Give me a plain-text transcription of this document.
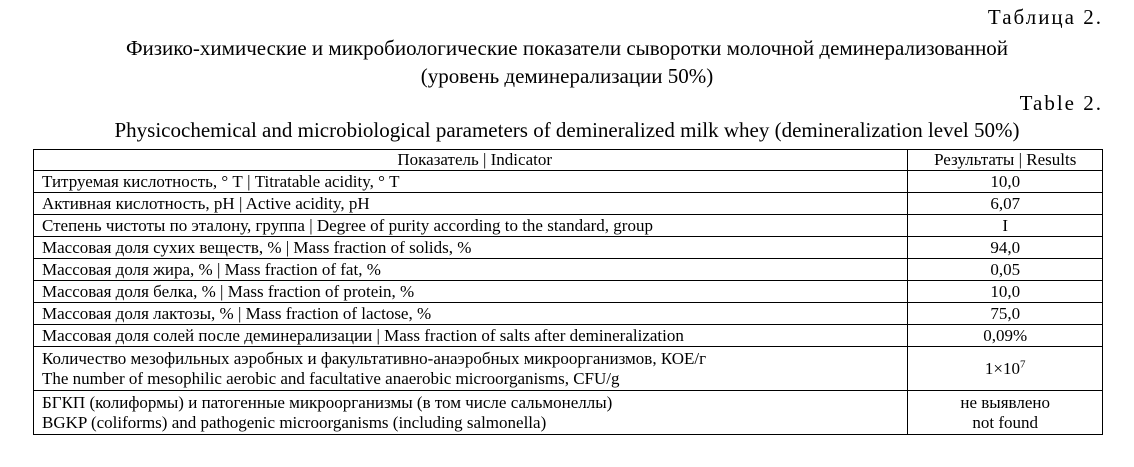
Таблица 2.
Физико-химические и микробиологические показатели сыворотки молочной деминерализованной
(уровень деминерализации 50%)
Table 2.
Physicochemical and microbiological parameters of demineralized milk whey (demineralization level 50%)
Показатель | Indicator	Результаты | Results
Титруемая кислотность, ° Т | Titratable acidity, ° Т	10,0
Активная кислотность, pH | Active acidity, pH	6,07
Степень чистоты по эталону, группа | Degree of purity according to the standard, group	I
Массовая доля сухих веществ, % | Mass fraction of solids, %	94,0
Массовая доля жира, % | Mass fraction of fat, %	0,05
Массовая доля белка, % | Mass fraction of protein, %	10,0
Массовая доля лактозы, % | Mass fraction of lactose, %	75,0
Массовая доля солей после деминерализации | Mass fraction of salts after demineralization	0,09%

Количество мезофильных аэробных и факультативно-анаэробных микроорганизмов, КОЕ/г
The number of mesophilic aerobic and facultative anaerobic microorganisms, CFU/g	$1\times 10^7$

БГКП (колиформы) и патогенные микроорганизмы (в том числе сальмонеллы)
BGKP (coliforms) and pathogenic microorganisms (including salmonella)	не выявлено
not found
